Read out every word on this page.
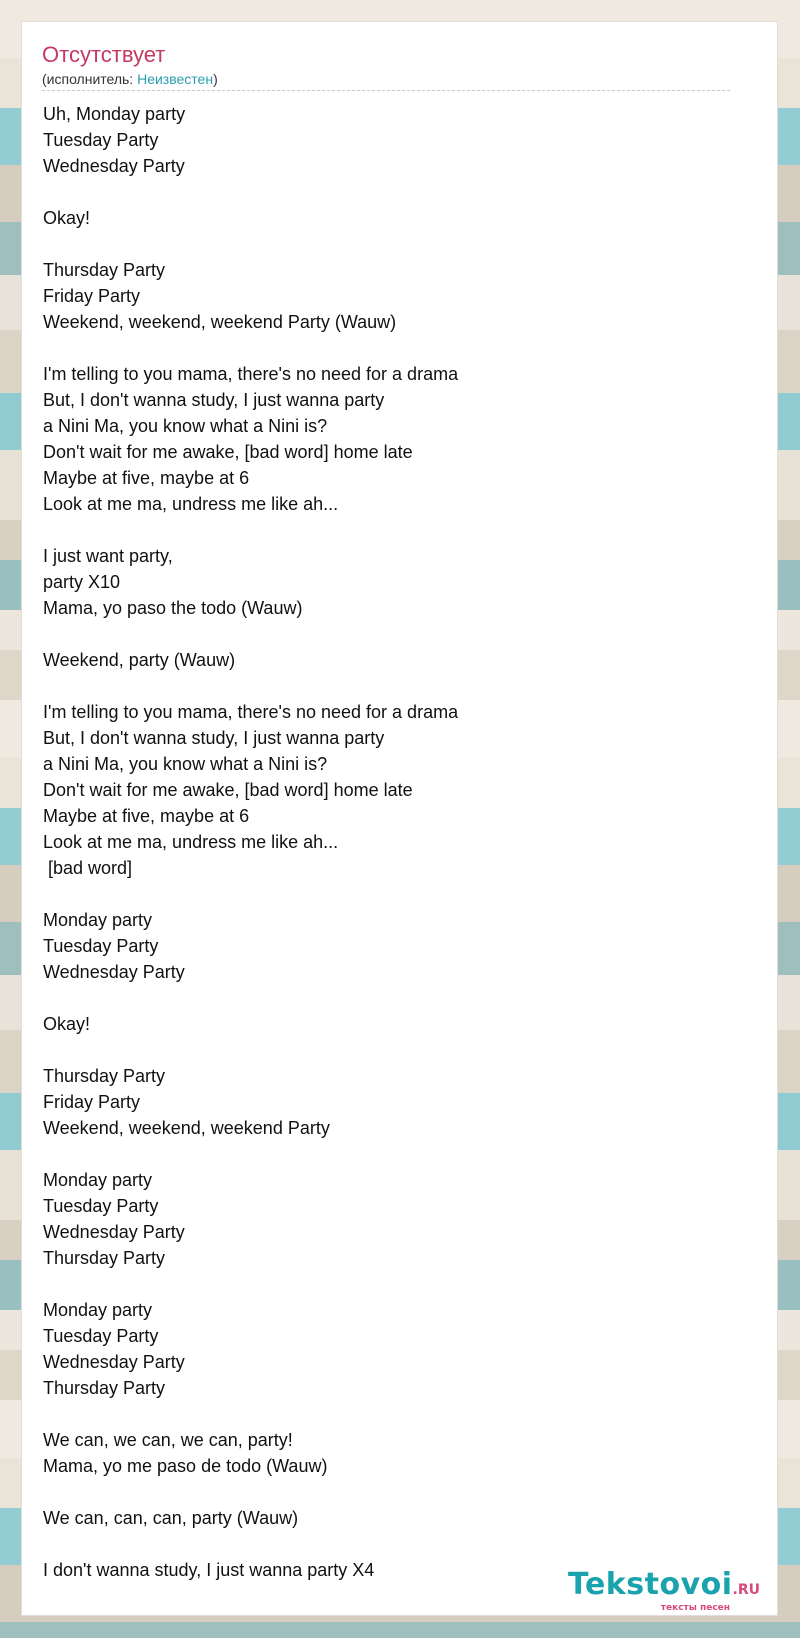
Отсутствует
(исполнитель: Неизвестен)
Uh, Monday party
Tuesday Party
Wednesday Party

Okay!

Thursday Party
Friday Party
Weekend, weekend, weekend Party (Wauw)

I'm telling to you mama, there's no need for a drama
But, I don't wanna study, I just wanna party
a Nini Ma, you know what a Nini is?
Don't wait for me awake, [bad word] home late
Maybe at five, maybe at 6
Look at me ma, undress me like ah...

I just want party,
party X10
Mama, yo paso the todo (Wauw)

Weekend, party (Wauw)

I'm telling to you mama, there's no need for a drama
But, I don't wanna study, I just wanna party
a Nini Ma, you know what a Nini is?
Don't wait for me awake, [bad word] home late
Maybe at five, maybe at 6
Look at me ma, undress me like ah...
[bad word]

Monday party
Tuesday Party
Wednesday Party

Okay!

Thursday Party
Friday Party
Weekend, weekend, weekend Party

Monday party
Tuesday Party
Wednesday Party
Thursday Party

Monday party
Tuesday Party
Wednesday Party
Thursday Party

We can, we can, we can, party!
Mama, yo me paso de todo (Wauw)

We can, can, can, party (Wauw)

I don't wanna study, I just wanna party X4	Tekstovoi.RU
тексты песен
